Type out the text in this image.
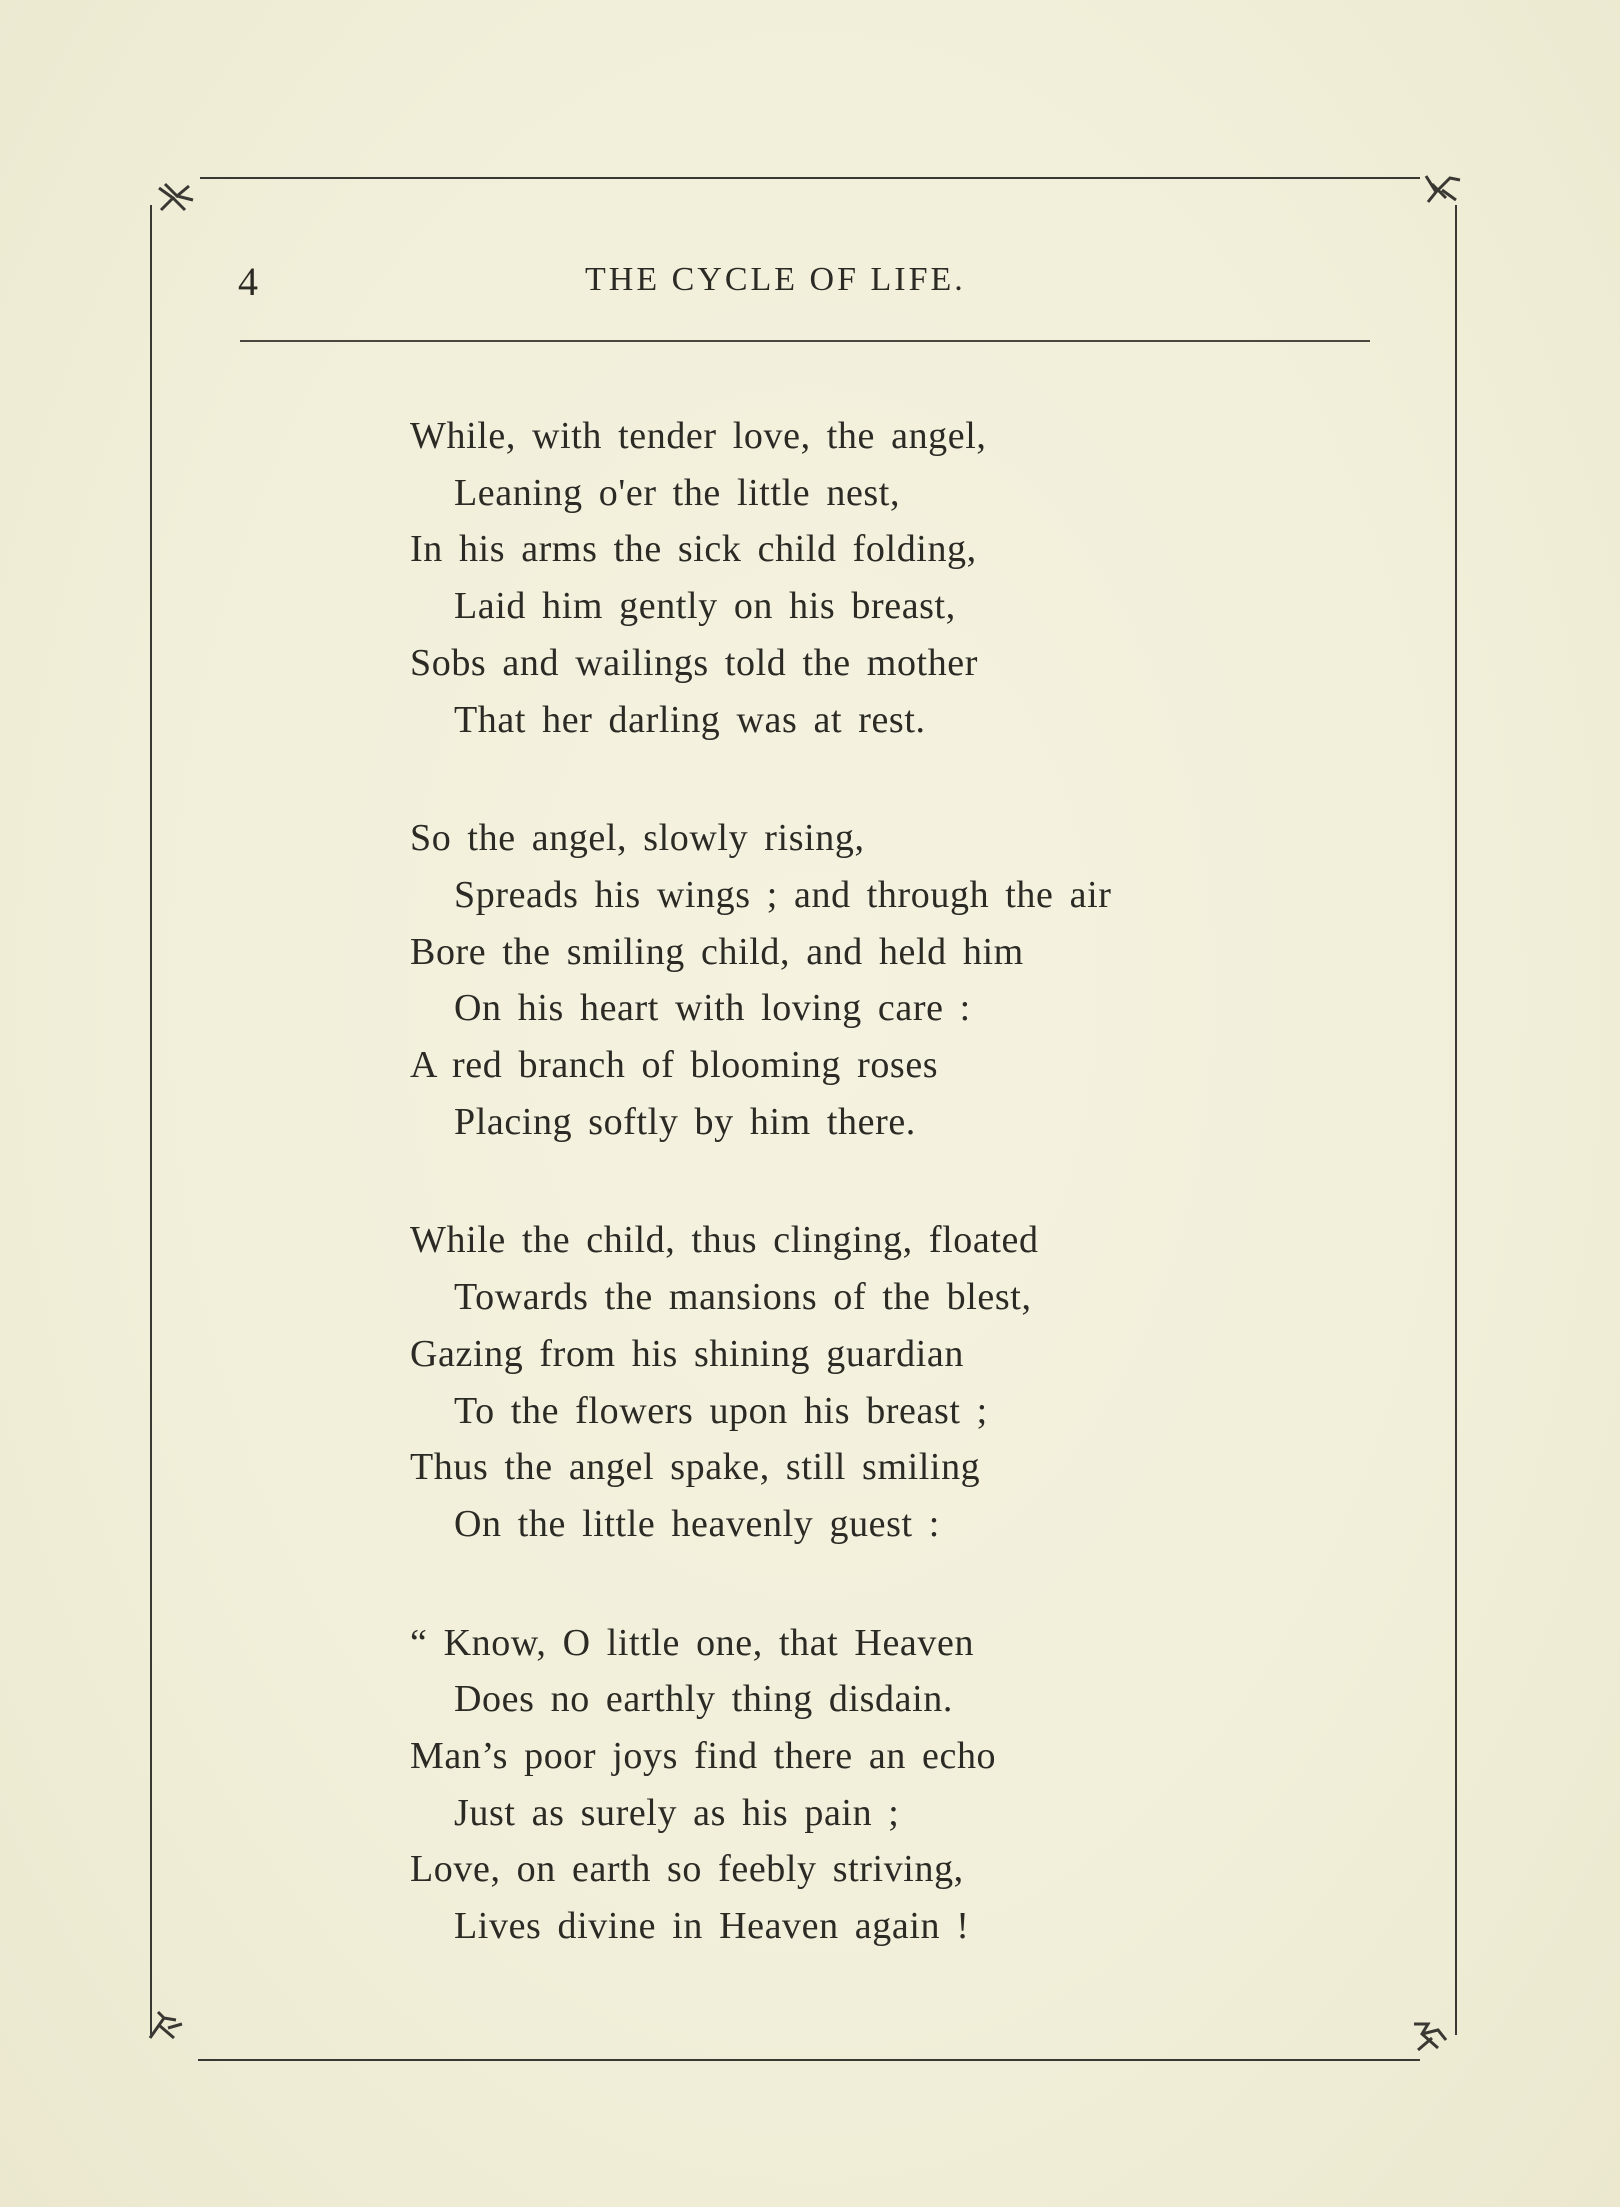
4	THE CYCLE OF LIFE.
While, with tender love, the angel,
Leaning o'er the little nest,
In his arms the sick child folding,
Laid him gently on his breast,
Sobs and wailings told the mother
That her darling was at rest.
So the angel, slowly rising,
Spreads his wings ; and through the air
Bore the smiling child, and held him
On his heart with loving care :
A red branch of blooming roses
Placing softly by him there.
While the child, thus clinging, floated
Towards the mansions of the blest,
Gazing from his shining guardian
To the flowers upon his breast ;
Thus the angel spake, still smiling
On the little heavenly guest :
“ Know, O little one, that Heaven
Does no earthly thing disdain.
Man’s poor joys find there an echo
Just as surely as his pain ;
Love, on earth so feebly striving,
Lives divine in Heaven again !
